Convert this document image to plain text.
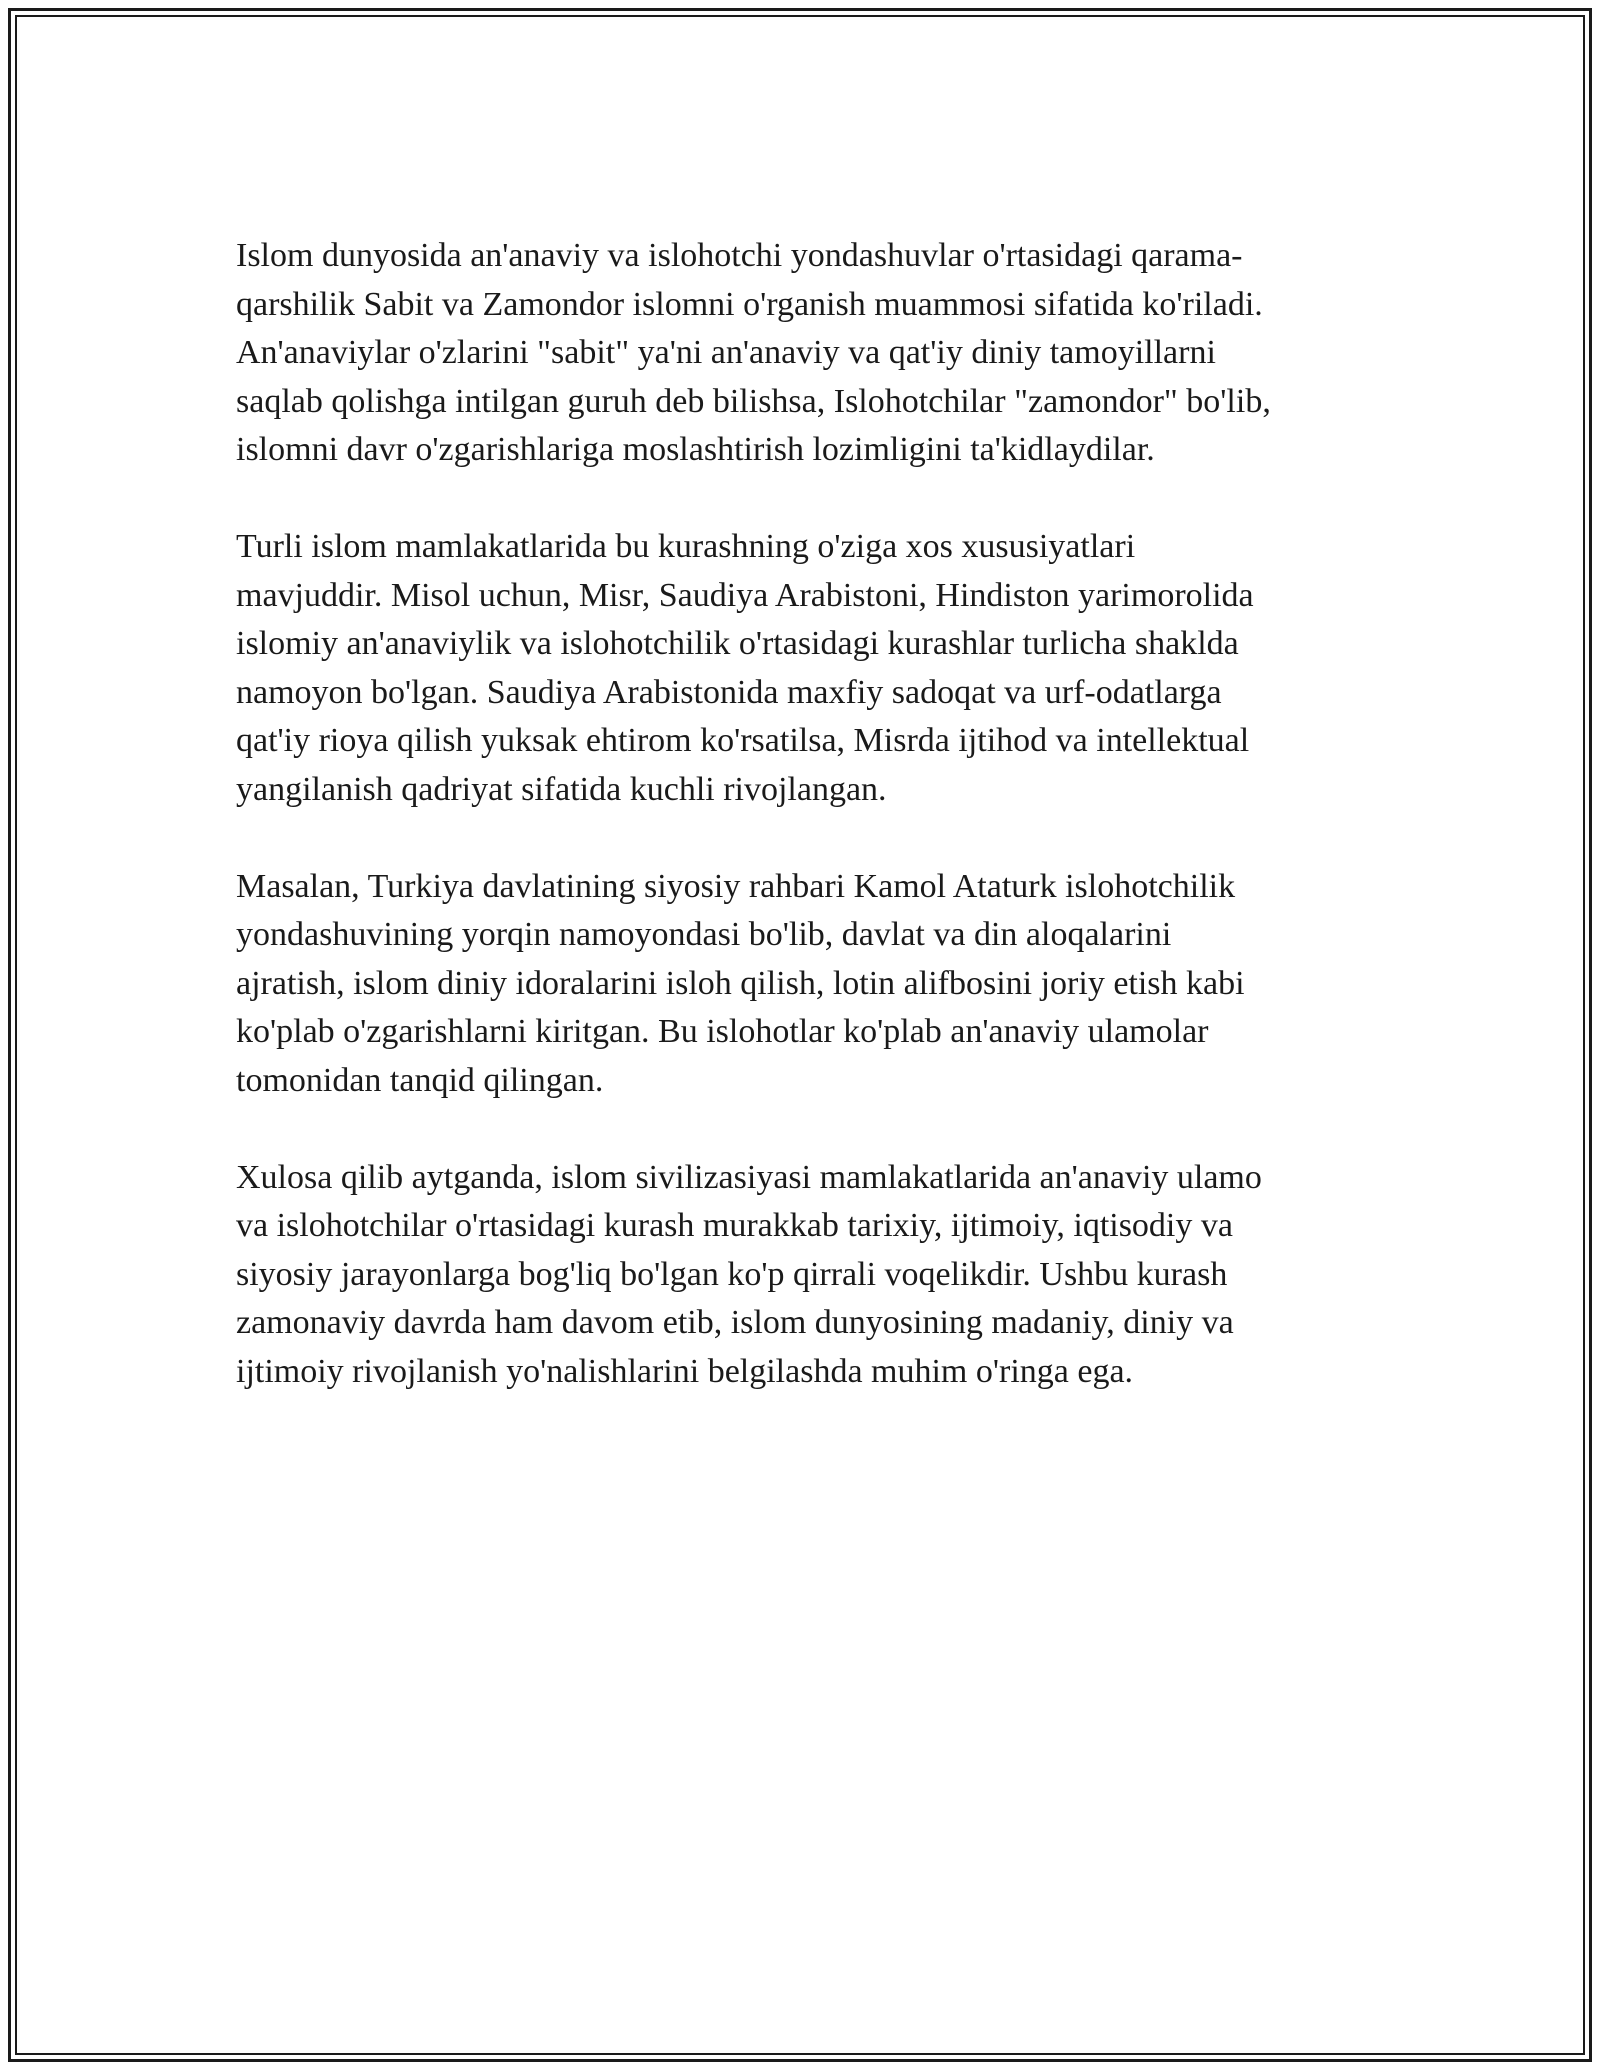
Islom dunyosida an'anaviy va islohotchi yondashuvlar o'rtasidagi qarama-
qarshilik Sabit va Zamondor islomni o'rganish muammosi sifatida ko'riladi.
An'anaviylar o'zlarini "sabit" ya'ni an'anaviy va qat'iy diniy tamoyillarni
saqlab qolishga intilgan guruh deb bilishsa, Islohotchilar "zamondor" bo'lib,
islomni davr o'zgarishlariga moslashtirish lozimligini ta'kidlaydilar.

Turli islom mamlakatlarida bu kurashning o'ziga xos xususiyatlari
mavjuddir. Misol uchun, Misr, Saudiya Arabistoni, Hindiston yarimorolida
islomiy an'anaviylik va islohotchilik o'rtasidagi kurashlar turlicha shaklda
namoyon bo'lgan. Saudiya Arabistonida maxfiy sadoqat va urf-odatlarga
qat'iy rioya qilish yuksak ehtirom ko'rsatilsa, Misrda ijtihod va intellektual
yangilanish qadriyat sifatida kuchli rivojlangan.

Masalan, Turkiya davlatining siyosiy rahbari Kamol Ataturk islohotchilik
yondashuvining yorqin namoyondasi bo'lib, davlat va din aloqalarini
ajratish, islom diniy idoralarini isloh qilish, lotin alifbosini joriy etish kabi
ko'plab o'zgarishlarni kiritgan. Bu islohotlar ko'plab an'anaviy ulamolar
tomonidan tanqid qilingan.

Xulosa qilib aytganda, islom sivilizasiyasi mamlakatlarida an'anaviy ulamo
va islohotchilar o'rtasidagi kurash murakkab tarixiy, ijtimoiy, iqtisodiy va
siyosiy jarayonlarga bog'liq bo'lgan ko'p qirrali voqelikdir. Ushbu kurash
zamonaviy davrda ham davom etib, islom dunyosining madaniy, diniy va
ijtimoiy rivojlanish yo'nalishlarini belgilashda muhim o'ringa ega.
